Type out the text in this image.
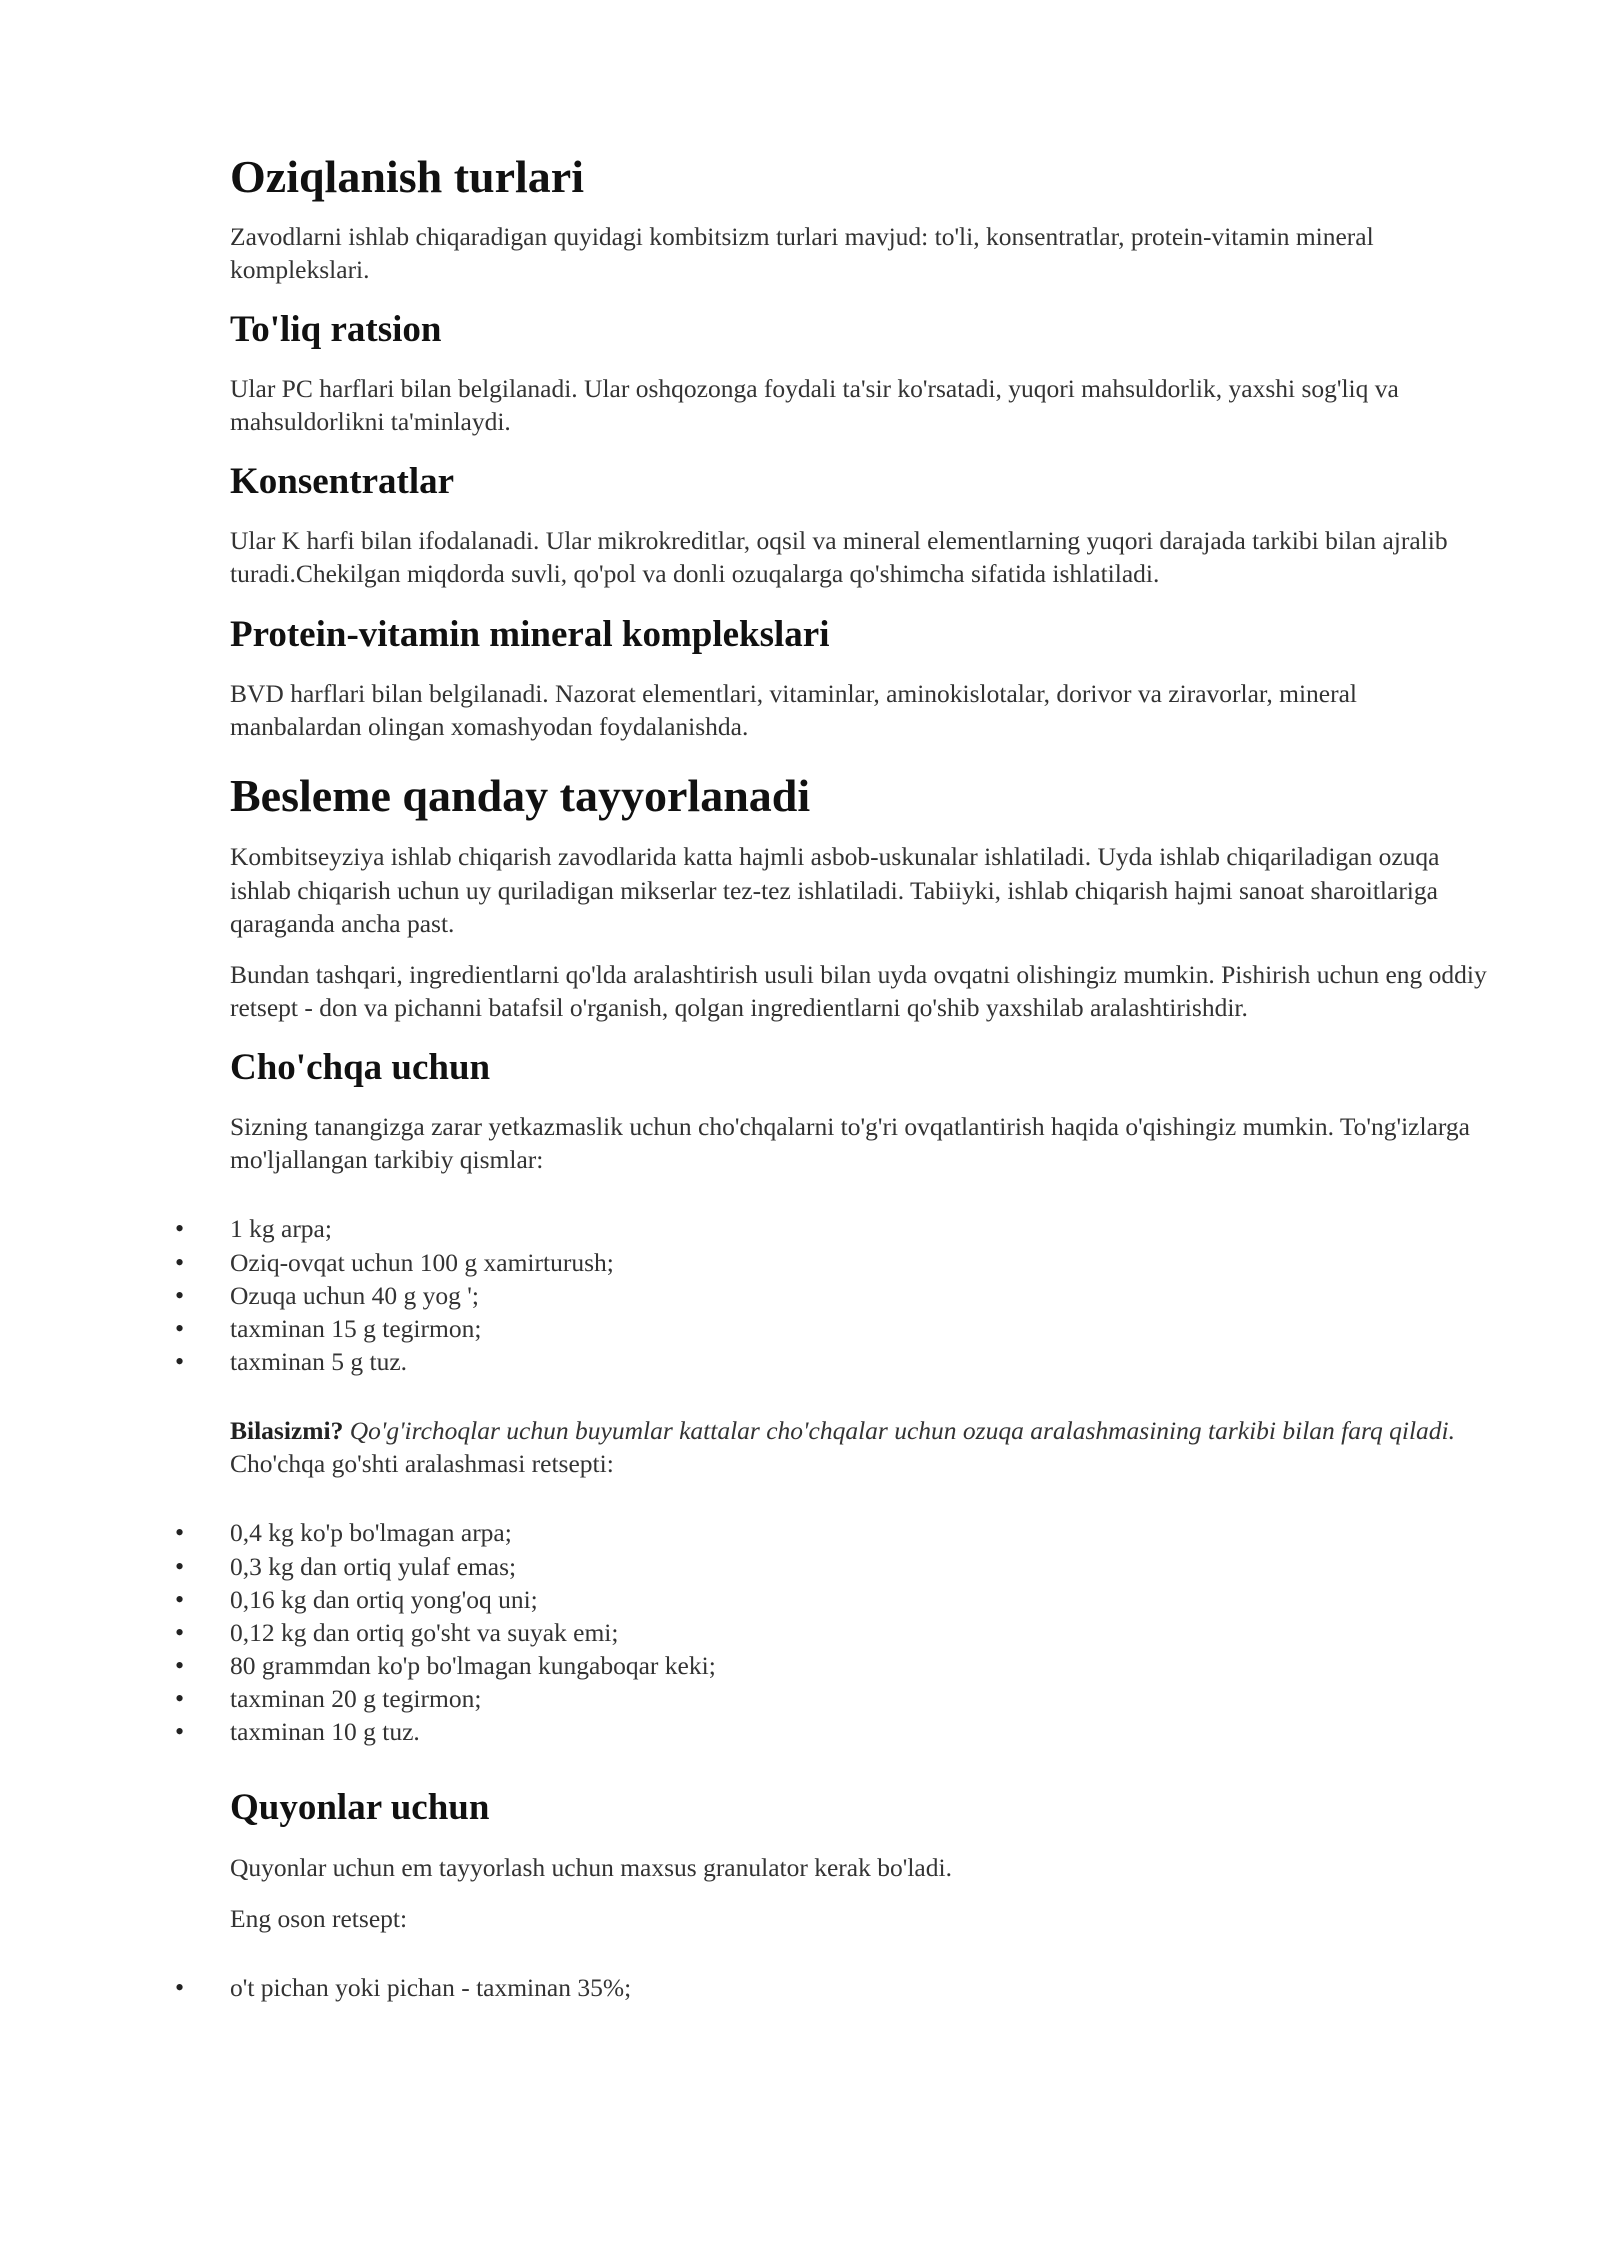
Oziqlanish turlari

Zavodlarni ishlab chiqaradigan quyidagi kombitsizm turlari mavjud: to'li, konsentratlar, protein-vitamin mineral komplekslari.

To'liq ratsion

Ular PC harflari bilan belgilanadi. Ular oshqozonga foydali ta'sir ko'rsatadi, yuqori mahsuldorlik, yaxshi sog'liq va mahsuldorlikni ta'minlaydi.

Konsentratlar

Ular K harfi bilan ifodalanadi. Ular mikrokreditlar, oqsil va mineral elementlarning yuqori darajada tarkibi bilan ajralib turadi.Chekilgan miqdorda suvli, qo'pol va donli ozuqalarga qo'shimcha sifatida ishlatiladi.

Protein-vitamin mineral komplekslari

BVD harflari bilan belgilanadi. Nazorat elementlari, vitaminlar, aminokislotalar, dorivor va ziravorlar, mineral manbalardan olingan xomashyodan foydalanishda.

Besleme qanday tayyorlanadi

Kombitseyziya ishlab chiqarish zavodlarida katta hajmli asbob-uskunalar ishlatiladi. Uyda ishlab chiqariladigan ozuqa ishlab chiqarish uchun uy quriladigan mikserlar tez-tez ishlatiladi. Tabiiyki, ishlab chiqarish hajmi sanoat sharoitlariga qaraganda ancha past.

Bundan tashqari, ingredientlarni qo'lda aralashtirish usuli bilan uyda ovqatni olishingiz mumkin. Pishirish uchun eng oddiy retsept - don va pichanni batafsil o'rganish, qolgan ingredientlarni qo'shib yaxshilab aralashtirishdir.

Cho'chqa uchun

Sizning tanangizga zarar yetkazmaslik uchun cho'chqalarni to'g'ri ovqatlantirish haqida o'qishingiz mumkin. To'ng'izlarga mo'ljallangan tarkibiy qismlar:

• 1 kg arpa;
• Oziq-ovqat uchun 100 g xamirturush;
• Ozuqa uchun 40 g yog ';
• taxminan 15 g tegirmon;
• taxminan 5 g tuz.

Bilasizmi? Qo'g'irchoqlar uchun buyumlar kattalar cho'chqalar uchun ozuqa aralashmasining tarkibi bilan farq qiladi.
Cho'chqa go'shti aralashmasi retsepti:

• 0,4 kg ko'p bo'lmagan arpa;
• 0,3 kg dan ortiq yulaf emas;
• 0,16 kg dan ortiq yong'oq uni;
• 0,12 kg dan ortiq go'sht va suyak emi;
• 80 grammdan ko'p bo'lmagan kungaboqar keki;
• taxminan 20 g tegirmon;
• taxminan 10 g tuz.
Quyonlar uchun

Quyonlar uchun em tayyorlash uchun maxsus granulator kerak bo'ladi.

Eng oson retsept:

• o't pichan yoki pichan - taxminan 35%;
